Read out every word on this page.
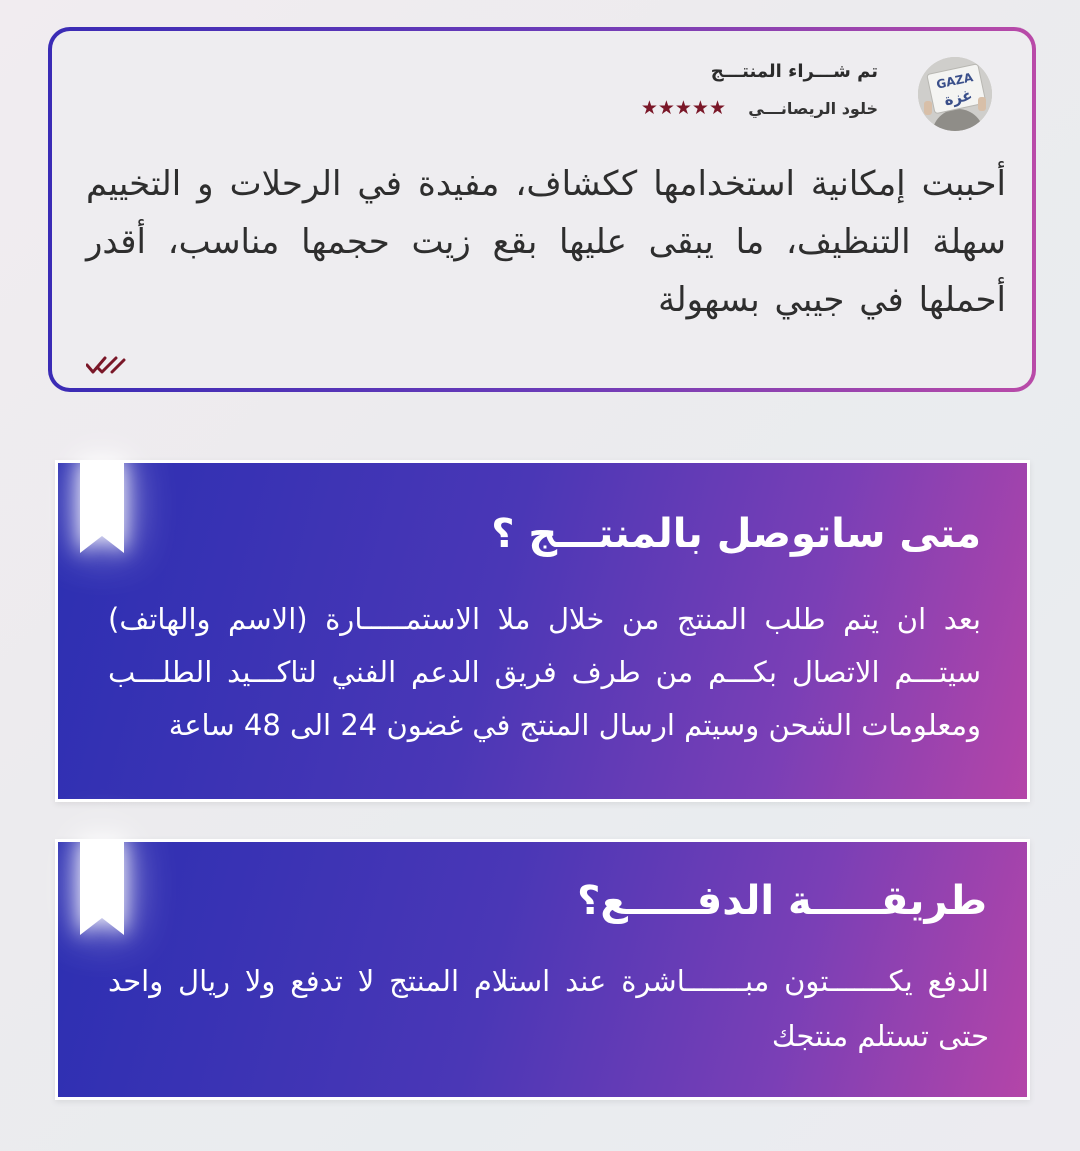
GAZA
غزة
تم شـــراء المنتـــج
خلود الريصانـــي
★★★★★
أحببت إمكانية استخدامها ككشاف، مفيدة في الرحلات و التخييم سهلة التنظيف، ما يبقى عليها بقع زيت حجمها مناسب، أقدر أحملها في جيبي بسهولة
متى ساتوصل بالمنتـــج ؟
بعد ان يتم طلب المنتج من خلال ملا الاستمـــــارة (الاسم والهاتف) سيتـــم الاتصال بكـــم من طرف فريق الدعم الفني لتاكـــيد الطلـــب ومعلومات الشحن وسيتم ارسال المنتج في غضون 24 الى 48 ساعة
طريقـــــة الدفـــــع؟
الدفع يكـــــــتون مبـــــــاشرة عند استلام المنتج لا تدفع ولا ريال واحد حتى تستلم منتجك
